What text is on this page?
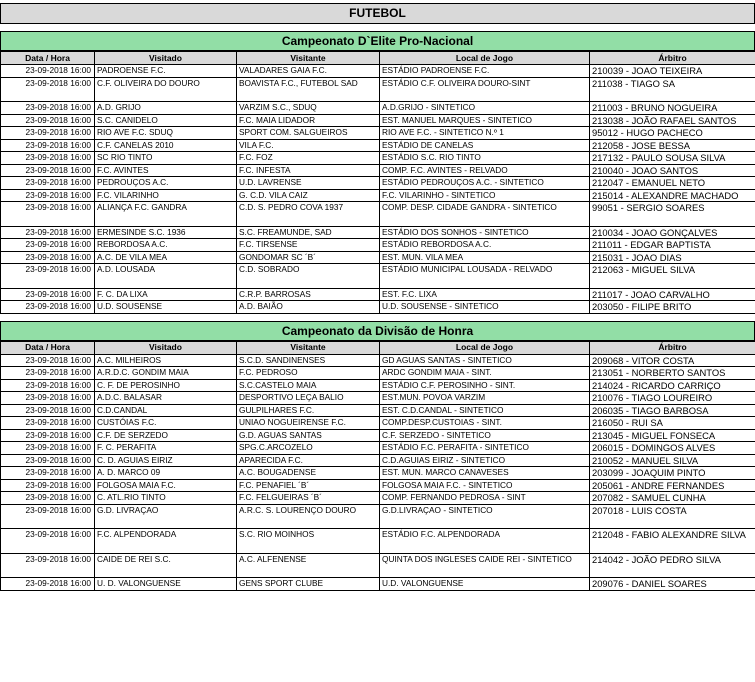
FUTEBOL
Campeonato D`Elite Pro-Nacional
Data / Hora	Visitado	Visitante	Local de Jogo	Árbitro
23-09-2018 16:00	PADROENSE F.C.	VALADARES GAIA F.C.	ESTÁDIO PADROENSE F.C.	210039 - JOAO TEIXEIRA
23-09-2018 16:00	C.F. OLIVEIRA DO DOURO	BOAVISTA F.C., FUTEBOL SAD	ESTÁDIO C.F. OLIVEIRA DOURO-SINT	211038 - TIAGO SA
23-09-2018 16:00	A.D. GRIJO	VARZIM S.C., SDUQ	A.D.GRIJO - SINTETICO	211003 - BRUNO NOGUEIRA
23-09-2018 16:00	S.C. CANIDELO	F.C. MAIA LIDADOR	EST. MANUEL MARQUES - SINTETICO	213038 - JOÃO RAFAEL SANTOS
23-09-2018 16:00	RIO AVE F.C. SDUQ	SPORT COM. SALGUEIROS	RIO AVE F.C. - SINTETICO N.º 1	95012 - HUGO PACHECO
23-09-2018 16:00	C.F. CANELAS 2010	VILA F.C.	ESTÁDIO DE CANELAS	212058 - JOSE BESSA
23-09-2018 16:00	SC RIO TINTO	F.C. FOZ	ESTÁDIO S.C. RIO TINTO	217132 - PAULO SOUSA SILVA
23-09-2018 16:00	F.C. AVINTES	F.C. INFESTA	COMP. F.C. AVINTES - RELVADO	210040 - JOAO SANTOS
23-09-2018 16:00	PEDROUÇOS A.C.	U.D. LAVRENSE	ESTÁDIO PEDROUÇOS A.C. - SINTETICO	212047 - EMANUEL NETO
23-09-2018 16:00	F.C. VILARINHO	G. C.D. VILA CAIZ	F.C. VILARINHO - SINTETICO	215014 - ALEXANDRE MACHADO
23-09-2018 16:00	ALIANÇA F.C. GANDRA	C.D. S. PEDRO COVA 1937	COMP. DESP. CIDADE GANDRA - SINTETICO	99051 - SERGIO SOARES
23-09-2018 16:00	ERMESINDE S.C. 1936	S.C. FREAMUNDE, SAD	ESTÁDIO DOS SONHOS - SINTETICO	210034 - JOAO GONÇALVES
23-09-2018 16:00	REBORDOSA A.C.	F.C. TIRSENSE	ESTÁDIO REBORDOSA A.C.	211011 - EDGAR BAPTISTA
23-09-2018 16:00	A.C. DE VILA MEA	GONDOMAR SC ´B´	EST. MUN. VILA MEA	215031 - JOAO DIAS
23-09-2018 16:00	A.D. LOUSADA	C.D. SOBRADO	ESTÁDIO MUNICIPAL LOUSADA - RELVADO	212063 - MIGUEL SILVA
23-09-2018 16:00	F. C. DA LIXA	C.R.P. BARROSAS	EST. F.C. LIXA	211017 - JOAO CARVALHO
23-09-2018 16:00	U.D. SOUSENSE	A.D. BAIÃO	U.D. SOUSENSE - SINTETICO	203050 - FILIPE BRITO
Campeonato da Divisão de Honra
Data / Hora	Visitado	Visitante	Local de Jogo	Árbitro
23-09-2018 16:00	A.C. MILHEIROS	S.C.D. SANDINENSES	GD AGUAS SANTAS - SINTETICO	209068 - VITOR COSTA
23-09-2018 16:00	A.R.D.C. GONDIM MAIA	F.C. PEDROSO	ARDC GONDIM MAIA - SINT.	213051 - NORBERTO SANTOS
23-09-2018 16:00	C. F. DE PEROSINHO	S.C.CASTELO MAIA	ESTÁDIO C.F. PEROSINHO - SINT.	214024 - RICARDO CARRIÇO
23-09-2018 16:00	A.D.C. BALASAR	DESPORTIVO LEÇA BALIO	EST.MUN. POVOA VARZIM	210076 - TIAGO LOUREIRO
23-09-2018 16:00	C.D.CANDAL	GULPILHARES F.C.	EST. C.D.CANDAL - SINTETICO	206035 - TIAGO BARBOSA
23-09-2018 16:00	CUSTÓIAS F.C.	UNIAO NOGUEIRENSE F.C.	COMP.DESP.CUSTOIAS - SINT.	216050 - RUI SA
23-09-2018 16:00	C.F. DE SERZEDO	G.D. AGUAS SANTAS	C.F. SERZEDO - SINTETICO	213045 - MIGUEL FONSECA
23-09-2018 16:00	F. C. PERAFITA	SPG.C.ARCOZELO	ESTÁDIO F.C. PERAFITA - SINTETICO	206015 - DOMINGOS ALVES
23-09-2018 16:00	C. D. AGUIAS EIRIZ	APARECIDA F.C.	C.D.AGUIAS EIRIZ - SINTETICO	210052 - MANUEL SILVA
23-09-2018 16:00	A. D. MARCO 09	A.C. BOUGADENSE	EST. MUN. MARCO CANAVESES	203099 - JOAQUIM PINTO
23-09-2018 16:00	FOLGOSA MAIA F.C.	F.C. PENAFIEL ´B´	FOLGOSA MAIA F.C. - SINTETICO	205061 - ANDRE FERNANDES
23-09-2018 16:00	C. ATL.RIO TINTO	F.C. FELGUEIRAS ´B´	COMP. FERNANDO PEDROSA - SINT	207082 - SAMUEL CUNHA
23-09-2018 16:00	G.D. LIVRAÇAO	A.R.C. S. LOURENÇO DOURO	G.D.LIVRAÇAO - SINTETICO	207018 - LUIS COSTA
23-09-2018 16:00	F.C. ALPENDORADA	S.C. RIO MOINHOS	ESTÁDIO F.C. ALPENDORADA	212048 - FABIO ALEXANDRE SILVA
23-09-2018 16:00	CAIDE DE REI S.C.	A.C. ALFENENSE	QUINTA DOS INGLESES CAIDE REI - SINTETICO	214042 - JOÃO PEDRO SILVA
23-09-2018 16:00	U. D. VALONGUENSE	GENS SPORT CLUBE	U.D. VALONGUENSE	209076 - DANIEL SOARES
